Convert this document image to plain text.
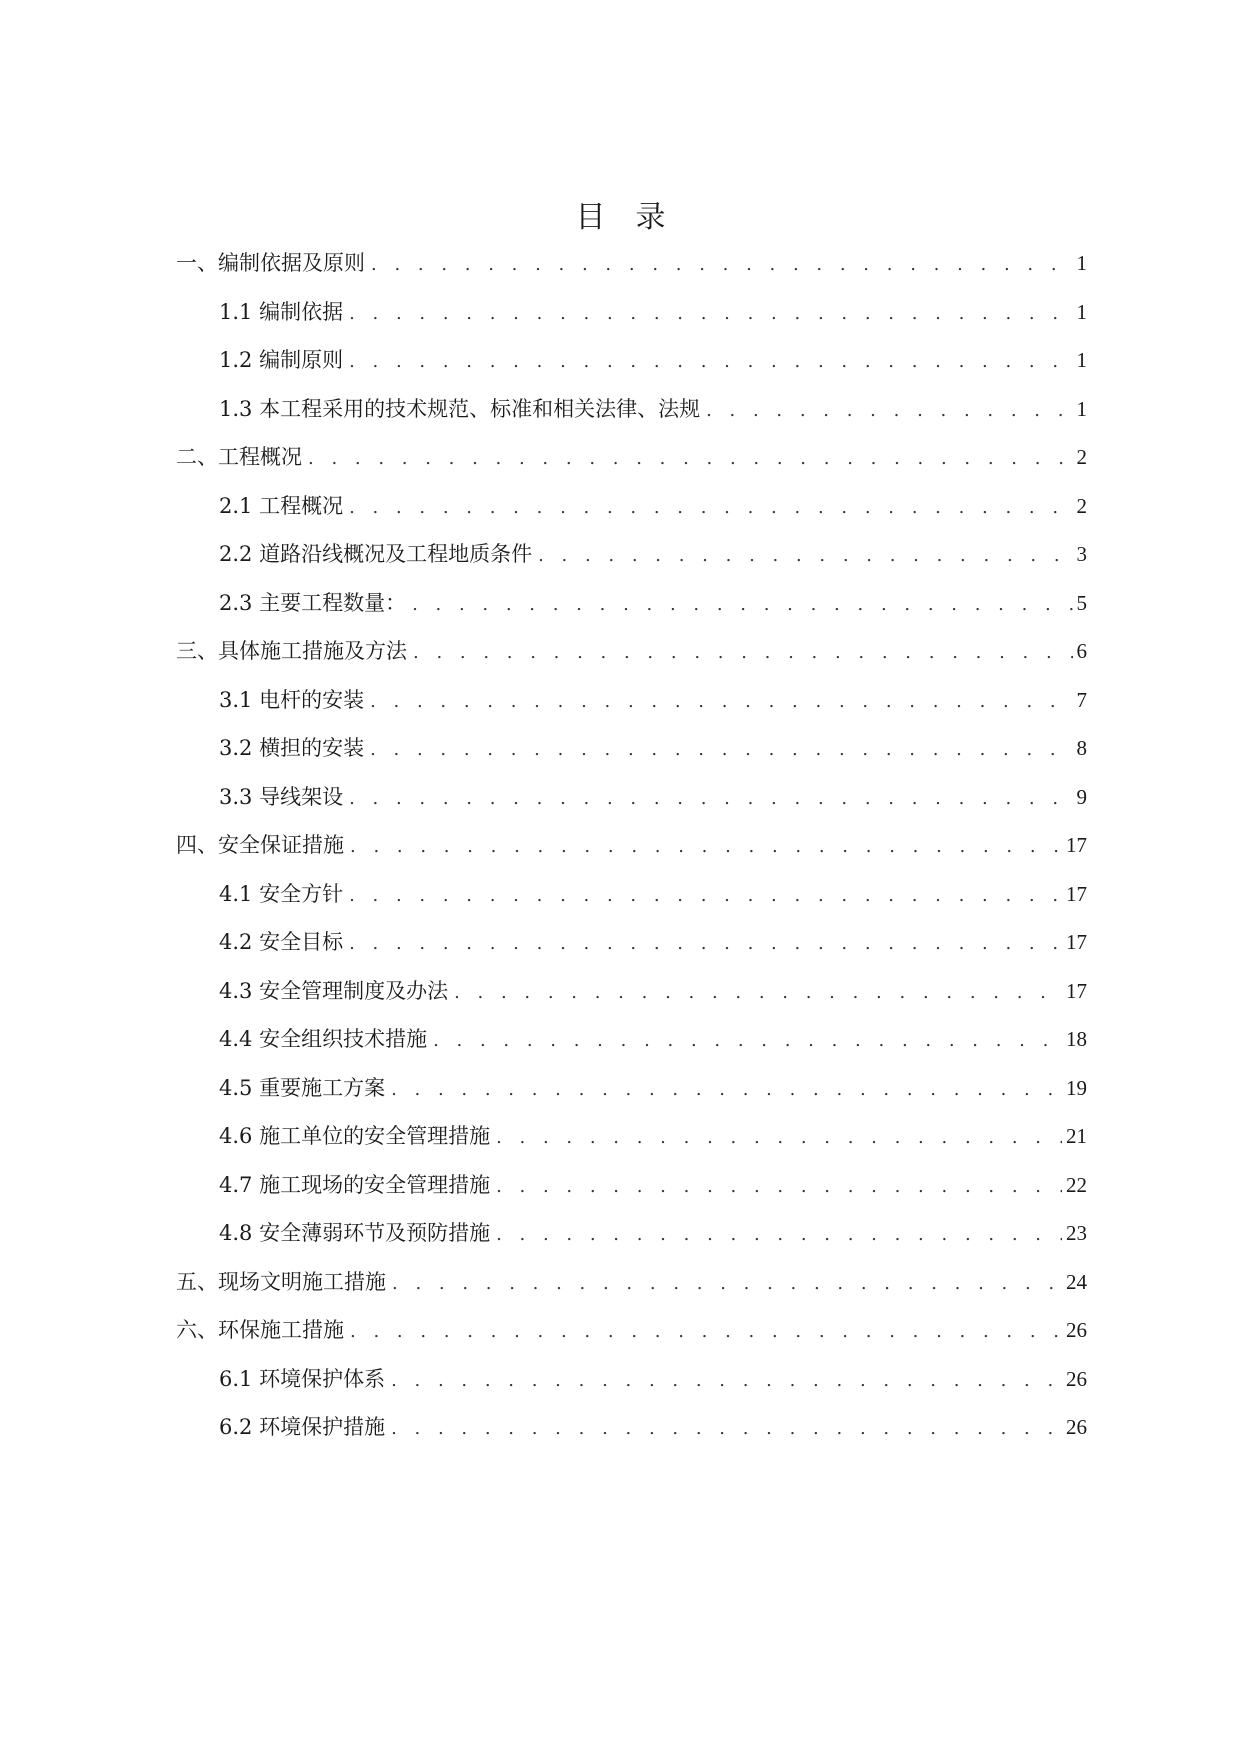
目　录
一、编制依据及原则 . . .	1
1.1 编制依据 . . .	1
1.2 编制原则 . . .	1
1.3 本工程采用的技术规范、标准和相关法律、法规 . . .	1
二、工程概况 . . .	2
2.1 工程概况 . . .	2
2.2 道路沿线概况及工程地质条件 . . .	3
2.3 主要工程数量： . . .	5
三、具体施工措施及方法 . . .	6
3.1 电杆的安装 . . .	7
3.2 横担的安装 . . .	8
3.3 导线架设 . . .	9
四、安全保证措施 . . .	17
4.1 安全方针 . . .	17
4.2 安全目标 . . .	17
4.3 安全管理制度及办法 . . .	17
4.4 安全组织技术措施 . . .	18
4.5 重要施工方案 . . .	19
4.6 施工单位的安全管理措施 . . .	21
4.7 施工现场的安全管理措施 . . .	22
4.8 安全薄弱环节及预防措施 . . .	23
五、现场文明施工措施 . . .	24
六、环保施工措施 . . .	26
6.1 环境保护体系 . . .	26
6.2 环境保护措施 . . .	26
